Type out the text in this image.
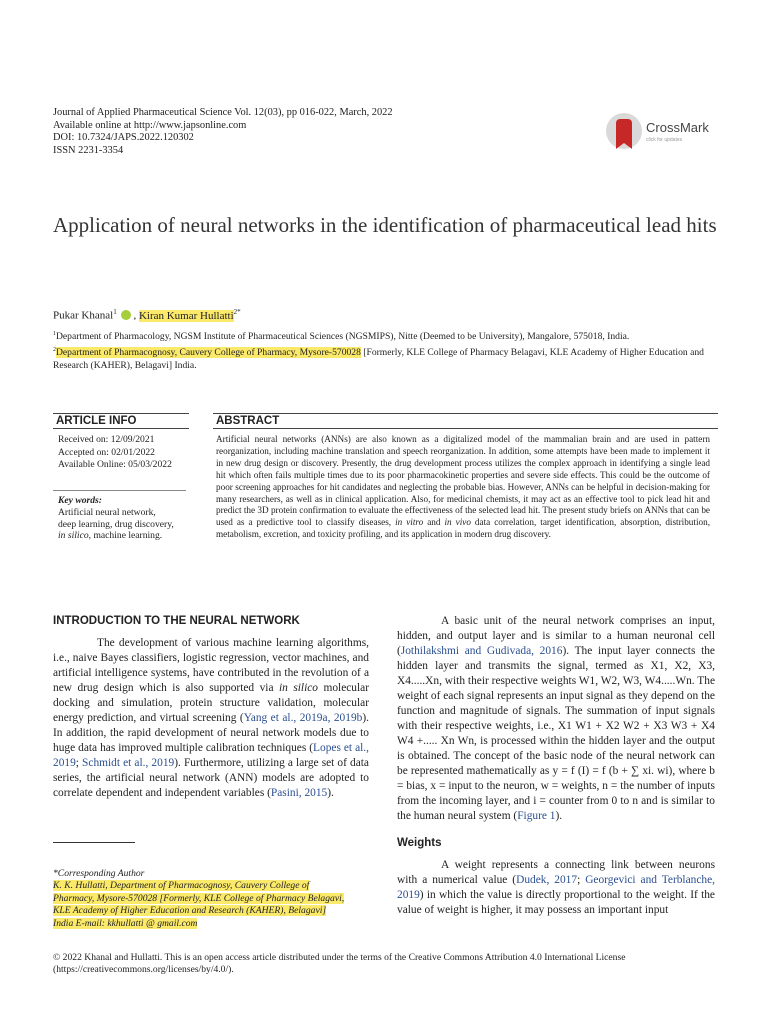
Journal of Applied Pharmaceutical Science Vol. 12(03), pp 016-022, March, 2022
Available online at http://www.japsonline.com
DOI: 10.7324/JAPS.2022.120302
ISSN 2231-3354
CrossMark
click for updates
Application of neural networks in the identification of pharmaceutical lead hits
Pukar Khanal$^1$ , Kiran Kumar Hullatti$^{2*}$
$^1$Department of Pharmacology, NGSM Institute of Pharmaceutical Sciences (NGSMIPS), Nitte (Deemed to be University), Mangalore, 575018, India.
$^2$Department of Pharmacognosy, Cauvery College of Pharmacy, Mysore-570028 [Formerly, KLE College of Pharmacy Belagavi, KLE Academy of Higher Education and Research (KAHER), Belagavi] India.
ARTICLE INFO
Received on: 12/09/2021
Accepted on: 02/01/2022
Available Online: 05/03/2022
Key words:
Artificial neural network,
deep learning, drug discovery,
in silico, machine learning.
ABSTRACT
Artificial neural networks (ANNs) are also known as a digitalized model of the mammalian brain and are used in pattern reorganization, including machine translation and speech reorganization. In addition, some attempts have been made to implement it in new drug design or discovery. Presently, the drug development process utilizes the complex approach in identifying a single lead hit which often fails multiple times due to its poor pharmacokinetic properties and severe side effects. This could be the outcome of poor screening approaches for hit candidates and neglecting the probable bias. However, ANNs can be helpful in decision-making for many researchers, as well as in clinical application. Also, for medicinal chemists, it may act as an effective tool to pick lead hit and predict the 3D protein confirmation to evaluate the effectiveness of the selected lead hit. The present study briefs on ANNs that can be used as a predictive tool to classify diseases, in vitro and in vivo data correlation, target identification, absorption, distribution, metabolism, excretion, and toxicity profiling, and its application in modern drug discovery.
INTRODUCTION TO THE NEURAL NETWORK
The development of various machine learning algorithms, i.e., naive Bayes classifiers, logistic regression, vector machines, and artificial intelligence systems, have contributed in the revolution of a new drug design which is also supported via in silico molecular docking and simulation, protein structure validation, molecular energy prediction, and virtual screening (Yang et al., 2019a, 2019b). In addition, the rapid development of neural network models due to huge data has improved multiple calibration techniques (Lopes et al., 2019; Schmidt et al., 2019). Furthermore, utilizing a large set of data series, the artificial neural network (ANN) models are adopted to correlate dependent and independent variables (Pasini, 2015).
A basic unit of the neural network comprises an input, hidden, and output layer and is similar to a human neuronal cell (Jothilakshmi and Gudivada, 2016). The input layer connects the hidden layer and transmits the signal, termed as X1, X2, X3, X4.....Xn, with their respective weights W1, W2, W3, W4.....Wn. The weight of each signal represents an input signal as they depend on the function and magnitude of signals. The summation of input signals with their respective weights, i.e., X1 W1 + X2 W2 + X3 W3 + X4 W4 +..... Xn Wn, is processed within the hidden layer and the output is obtained. The concept of the basic node of the neural network can be represented mathematically as y = f (I) = f (b + ∑ xi. wi), where b = bias, x = input to the neuron, w = weights, n = the number of inputs from the incoming layer, and i = counter from 0 to n and is similar to the human neural system (Figure 1).
Weights
A weight represents a connecting link between neurons with a numerical value (Dudek, 2017; Georgevici and Terblanche, 2019) in which the value is directly proportional to the weight. If the value of weight is higher, it may possess an important input
*Corresponding Author
K. K. Hullatti, Department of Pharmacognosy, Cauvery College of
Pharmacy, Mysore-570028 [Formerly, KLE College of Pharmacy Belagavi,
KLE Academy of Higher Education and Research (KAHER), Belagavi]
India E-mail: kkhullatti @ gmail.com
© 2022 Khanal and Hullatti. This is an open access article distributed under the terms of the Creative Commons Attribution 4.0 International License (https://creativecommons.org/licenses/by/4.0/).
